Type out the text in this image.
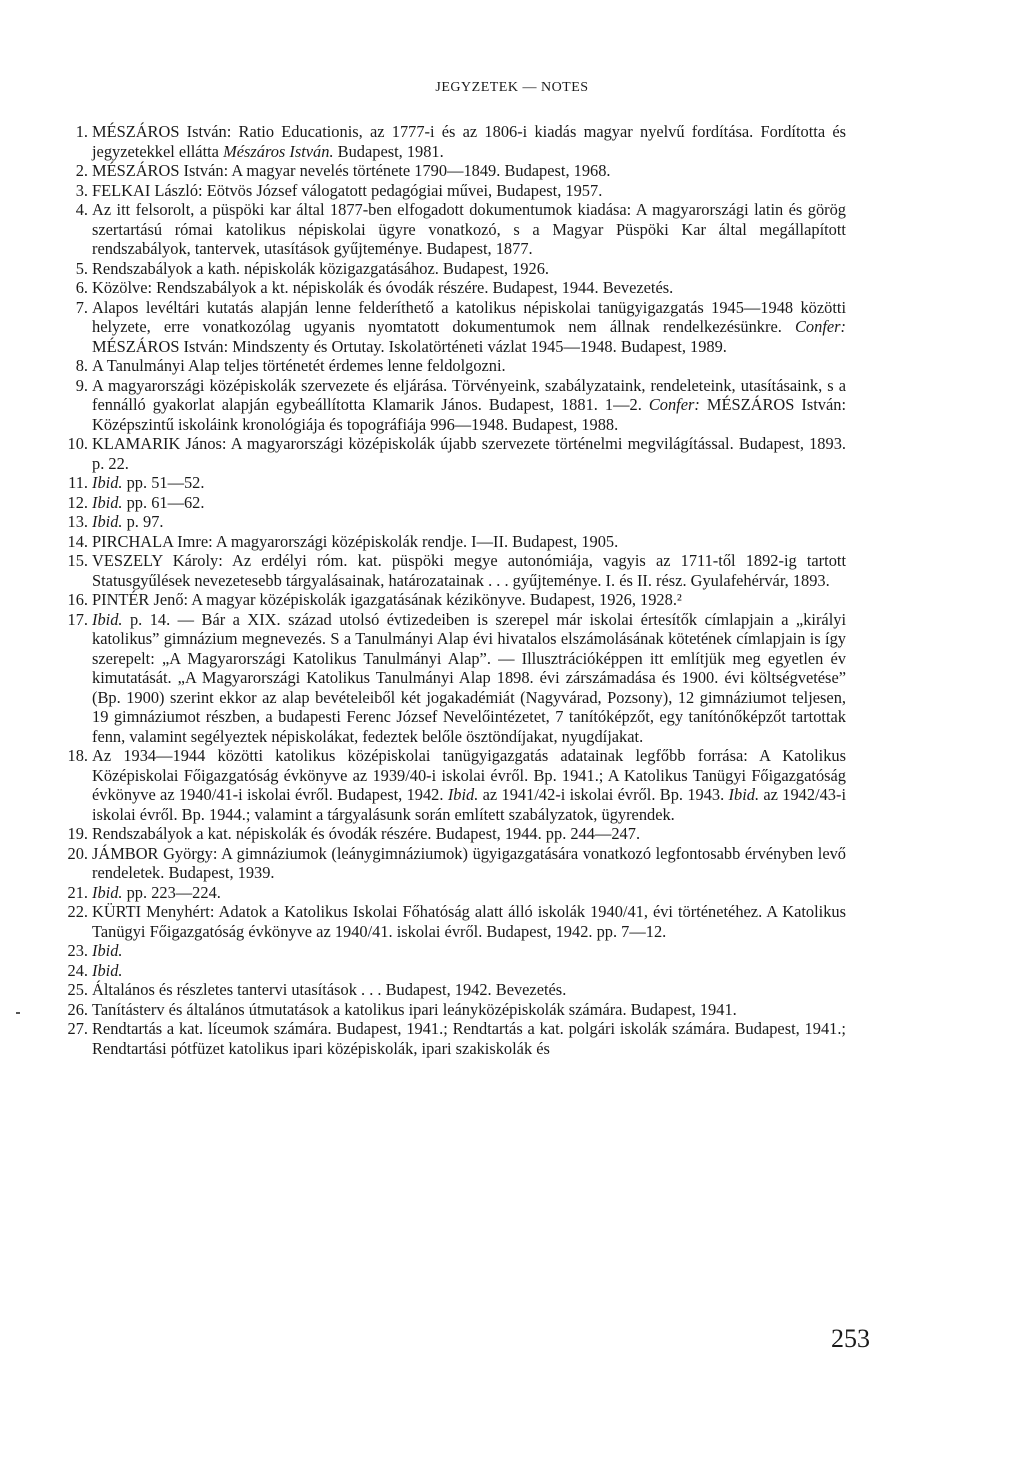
JEGYZETEK — NOTES
1. MÉSZÁROS István: Ratio Educationis, az 1777-i és az 1806-i kiadás magyar nyelvű fordítása. Fordította és jegyzetekkel ellátta Mészáros István. Budapest, 1981.
2. MÉSZÁROS István: A magyar nevelés története 1790—1849. Budapest, 1968.
3. FELKAI László: Eötvös József válogatott pedagógiai művei, Budapest, 1957.
4. Az itt felsorolt, a püspöki kar által 1877-ben elfogadott dokumentumok kiadása: A magyarországi latin és görög szertartású római katolikus népiskolai ügyre vonatkozó, s a Magyar Püspöki Kar által megállapított rendszabályok, tantervek, utasítások gyűjteménye. Budapest, 1877.
5. Rendszabályok a kath. népiskolák közigazgatásához. Budapest, 1926.
6. Közölve: Rendszabályok a kt. népiskolák és óvodák részére. Budapest, 1944. Bevezetés.
7. Alapos levéltári kutatás alapján lenne felderíthető a katolikus népiskolai tanügyigazgatás 1945—1948 közötti helyzete, erre vonatkozólag ugyanis nyomtatott dokumentumok nem állnak rendelkezésünkre. Confer: MÉSZÁROS István: Mindszenty és Ortutay. Iskolatörténeti vázlat 1945—1948. Budapest, 1989.
8. A Tanulmányi Alap teljes történetét érdemes lenne feldolgozni.
9. A magyarországi középiskolák szervezete és eljárása. Törvényeink, szabályzataink, rendeleteink, utasításaink, s a fennálló gyakorlat alapján egybeállította Klamarik János. Budapest, 1881. 1—2. Confer: MÉSZÁROS István: Középszintű iskoláink kronológiája és topográfiája 996—1948. Budapest, 1988.
10. KLAMARIK János: A magyarországi középiskolák újabb szervezete történelmi megvilágítással. Budapest, 1893. p. 22.
11. Ibid. pp. 51—52.
12. Ibid. pp. 61—62.
13. Ibid. p. 97.
14. PIRCHALA Imre: A magyarországi középiskolák rendje. I—II. Budapest, 1905.
15. VESZELY Károly: Az erdélyi róm. kat. püspöki megye autonómiája, vagyis az 1711-től 1892-ig tartott Statusgyűlések nevezetesebb tárgyalásainak, határozatainak . . . gyűjteménye. I. és II. rész. Gyulafehérvár, 1893.
16. PINTÉR Jenő: A magyar középiskolák igazgatásának kézikönyve. Budapest, 1926, 1928.²
17. Ibid. p. 14. — Bár a XIX. század utolsó évtizedeiben is szerepel már iskolai értesítők címlapjain a „királyi katolikus” gimnázium megnevezés. S a Tanulmányi Alap évi hivatalos elszámolásának kötetének címlapjain is így szerepelt: „A Magyarországi Katolikus Tanulmányi Alap”. — Illusztrációképpen itt említjük meg egyetlen év kimutatását. „A Magyarországi Katolikus Tanulmányi Alap 1898. évi zárszámadása és 1900. évi költségvetése” (Bp. 1900) szerint ekkor az alap bevételeiből két jogakadémiát (Nagyvárad, Pozsony), 12 gimnáziumot teljesen, 19 gimnáziumot részben, a budapesti Ferenc József Nevelőintézetet, 7 tanítóképzőt, egy tanítónőképzőt tartottak fenn, valamint segélyeztek népiskolákat, fedeztek belőle ösztöndíjakat, nyugdíjakat.
18. Az 1934—1944 közötti katolikus középiskolai tanügyigazgatás adatainak legfőbb forrása: A Katolikus Középiskolai Főigazgatóság évkönyve az 1939/40-i iskolai évről. Bp. 1941.; A Katolikus Tanügyi Főigazgatóság évkönyve az 1940/41-i iskolai évről. Budapest, 1942. Ibid. az 1941/42-i iskolai évről. Bp. 1943. Ibid. az 1942/43-i iskolai évről. Bp. 1944.; valamint a tárgyalásunk során említett szabályzatok, ügyrendek.
19. Rendszabályok a kat. népiskolák és óvodák részére. Budapest, 1944. pp. 244—247.
20. JÁMBOR György: A gimnáziumok (leánygimnáziumok) ügyigazgatására vonatkozó legfontosabb érvényben levő rendeletek. Budapest, 1939.
21. Ibid. pp. 223—224.
22. KÜRTI Menyhért: Adatok a Katolikus Iskolai Főhatóság alatt álló iskolák 1940/41, évi történetéhez. A Katolikus Tanügyi Főigazgatóság évkönyve az 1940/41. iskolai évről. Budapest, 1942. pp. 7—12.
23. Ibid.
24. Ibid.
25. Általános és részletes tantervi utasítások . . . Budapest, 1942. Bevezetés.
26. Tanításterv és általános útmutatások a katolikus ipari leányközépiskolák számára. Budapest, 1941.
27. Rendtartás a kat. líceumok számára. Budapest, 1941.; Rendtartás a kat. polgári iskolák számára. Budapest, 1941.; Rendtartási pótfüzet katolikus ipari középiskolák, ipari szakiskolák és
253
